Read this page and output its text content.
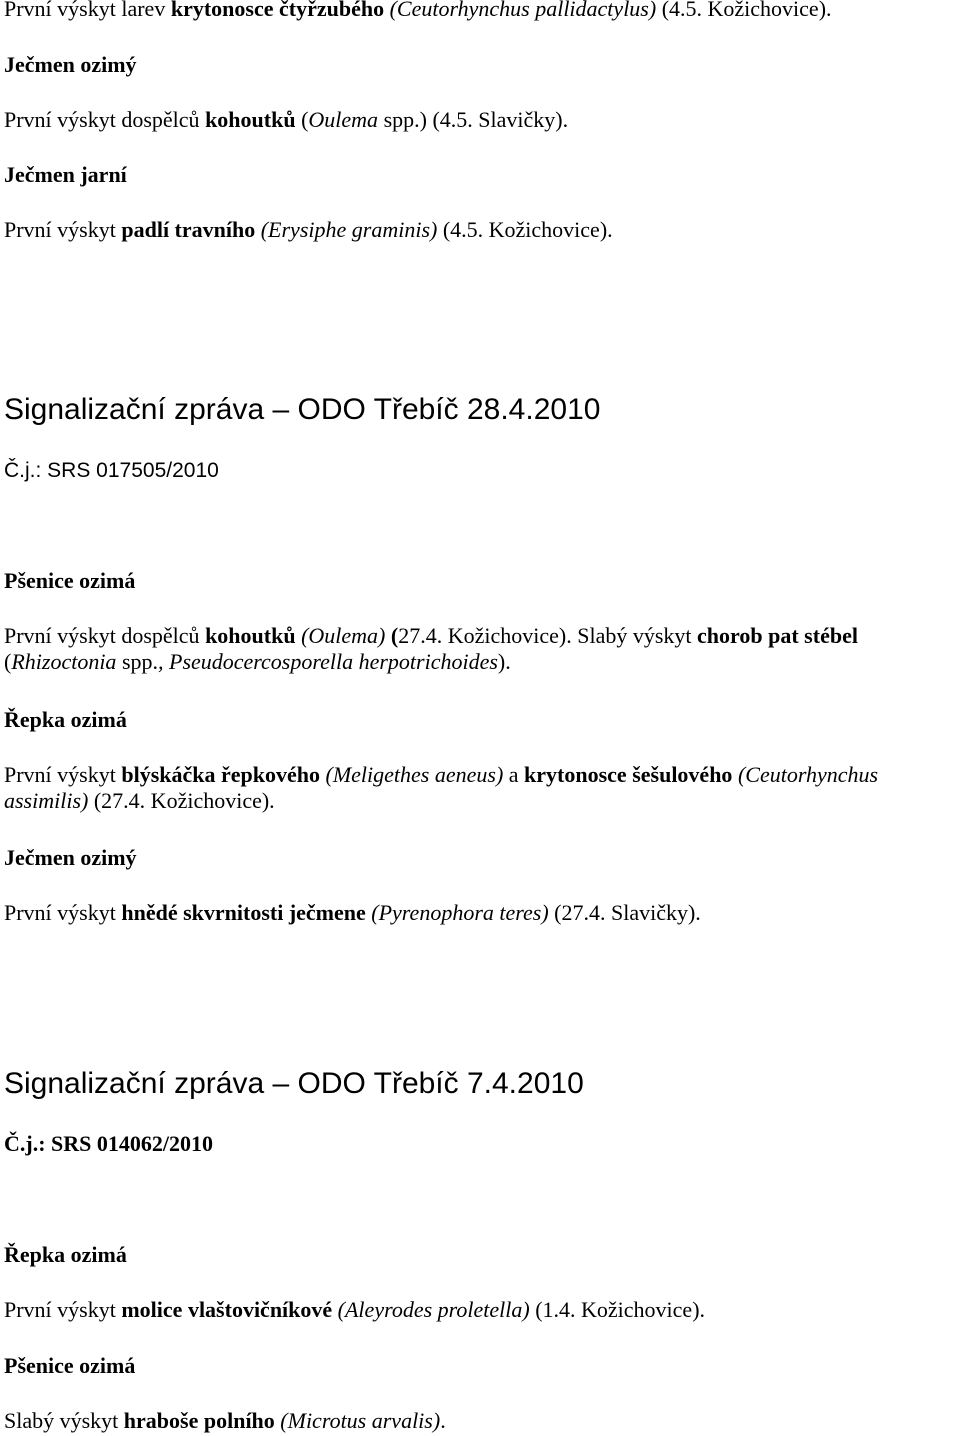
První výskyt larev krytonosce čtyřzubého (Ceutorhynchus pallidactylus) (4.5. Kožichovice).
Ječmen ozimý
První výskyt dospělců kohoutků (Oulema spp.) (4.5. Slavičky).
Ječmen jarní
První výskyt padlí travního (Erysiphe graminis) (4.5. Kožichovice).
Signalizační zpráva – ODO Třebíč 28.4.2010
Č.j.: SRS 017505/2010
Pšenice ozimá
První výskyt dospělců kohoutků (Oulema) (27.4. Kožichovice). Slabý výskyt chorob pat stébel (Rhizoctonia spp., Pseudocercosporella herpotrichoides).
Řepka ozimá
První výskyt blýskáčka řepkového (Meligethes aeneus) a krytonosce šešulového (Ceutorhynchus assimilis) (27.4. Kožichovice).
Ječmen ozimý
První výskyt hnědé skvrnitosti ječmene (Pyrenophora teres) (27.4. Slavičky).
Signalizační zpráva – ODO Třebíč 7.4.2010
Č.j.: SRS 014062/2010
Řepka ozimá
První výskyt molice vlaštovičníkové (Aleyrodes proletella) (1.4. Kožichovice).
Pšenice ozimá
Slabý výskyt hraboše polního (Microtus arvalis).
